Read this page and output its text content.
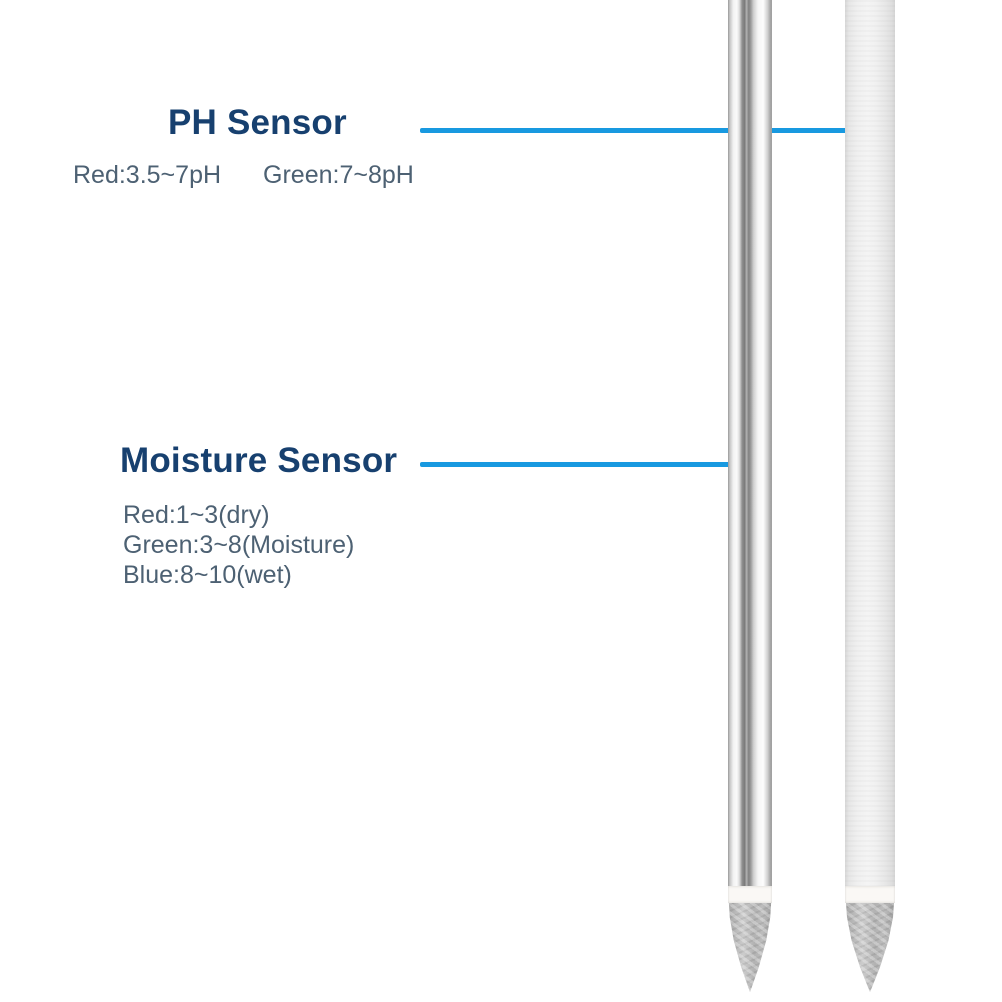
PH Sensor
Red:3.5~7pH Green:7~8pH
Moisture Sensor
Red:1~3(dry)
Green:3~8(Moisture)
Blue:8~10(wet)
